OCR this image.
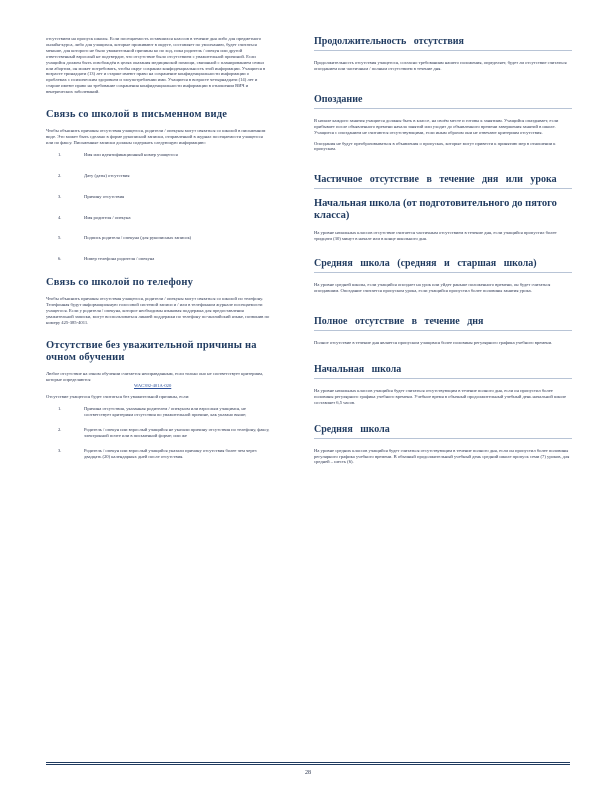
отсутствием на пропуск школы. Если посещаемость оставшихся классов в течение дня либо для предметного онлайн-курса, либо для учащихся, которые проживают в округе, составляет по умолчанию, будет считаться меньше, для которого не было уважительной причины ко по ход, пока родитель / опекун или другой ответственный взрослый не подтвердит, что отсутствие было отсутствием с уважительной причиной. Если учащийся должен быть освобождён в целях оказания медицинской помощи, связанной с планированием семьи или абортом, он может потребовать, чтобы округ сохранил конфиденциальность этой информации. Учащиеся в возрасте тринадцати (13) лет и старше имеют право на сохранение конфиденциальности информации о проблемах с психическим здоровьем и злоупотреблении ими. Учащиеся в возрасте четырнадцати (14) лет и старше имеют право на требование сохранения конфиденциальности информации в отношении ВИЧ и венерических заболеваний.

Связь со школой в письменном виде

Чтобы объяснить причины отсутствия учащегося, родители / опекуны могут связаться со школой в письменном виде. Это может быть сделано в форме рукописной записки, отправленной в журнал посещаемости учащегося или по факсу. Письменные записки должны содержать следующую информацию:

1.	Имя или идентификационный номер учащегося
2.	Дату (даты) отсутствия
3.	Причину отсутствия
4.	Имя родителя / опекуна
5.	Подпись родителя / опекуна (для рукописных записок)
6.	Номер телефона родителя / опекуна
Связь со школой по телефону

Чтобы объяснить причины отсутствия учащегося, родители / опекуны могут связаться со школой по телефону. Телефонная будут информационную голосовой системой записи и / или в телефонном журнале посещаемости учащегося. Если у родителя / опекуна, которое необходимы языковая поддержка для предоставления уважительной записки, могут воспользоваться линией поддержки по телефону по-английский языке, позвонив по номеру 425-385-4011.

Отсутствие без уважительной причины на очном обучении

Любое отсутствие на очном обучении считается неоправданным, если только оно не соответствует критериям, которые определяются
WAC392-401A-020

Отсутствие учащегося будет считаться без уважительной причины, если:

1.	Причина отсутствия, указанная родителем / опекуном или взрослым учащимся, не соответствует критериям отсутствия по уважительной причине, как указано выше;
2.	Родитель / опекун или взрослый учащийся не указали причину отсутствия по телефону, факсу, электронной почте или в письменной форме; или же
3.	Родитель / опекун или взрослый учащийся указали причину отсутствия более чем через двадцать (20) календарных дней после отсутствия.
Продолжительность отсутствия

Продолжительность отсутствия учащегося, согласно требованиям нашего положения, определяет, будет ли отсутствие считаться опозданием или частичным / полным отсутствием в течение дня.

Опоздание

В начале каждого занятия учащиеся должны быть в классе, на своём месте и готовы к занятиям. Учащийся опаздывает, если прибывает после объявленного времени начала занятий или уходит до объявленного времени завершения занятий в школе. Учащиеся с опозданием не считаются отсутствующими, если иным образом они не отвечают критериям отсутствия.

Опоздания не будут преобразовываться в объявления о пропусках, которые могут привести к принятию мер в отношении к пропускам.

Частичное отсутствие в течение дня или урока
Начальная школа (от подготовительного до пятого класса)

На уровне начальных классов отсутствие считается частичным отсутствием в течение дня, если учащийся пропустил более тридцати (30) минут в начале или в конце школьного дня.

Средняя школа (средняя и старшая школа)

На уровне средней школы, если учащийся опоздает на урок или уйдет раньше положенного времени, он будет считаться опоздавшим. Опоздание считается пропуском урока, если учащийся пропустил более половины занятия урока.

Полное отсутствие в течение дня

Полное отсутствие в течение дня является пропуском учащимся более половины регулярного графика учебного времени.

Начальная школа

На уровне начальных классов учащийся будет считаться отсутствующим в течение полного дня, если он пропустил более половины регулярного графика учебного времени. Учебное время в обычный продолжительный учебный день начальной школе составляет 6,5 часов.

Средняя школа

На уровне средних классов учащийся будет считаться отсутствующим в течение полного дня, если он пропустил более половины регулярного графика учебного времени. В обычный продолжительный учебный день средний школе пропуск семи (7) уроков, для средней – шесть (6).

28
